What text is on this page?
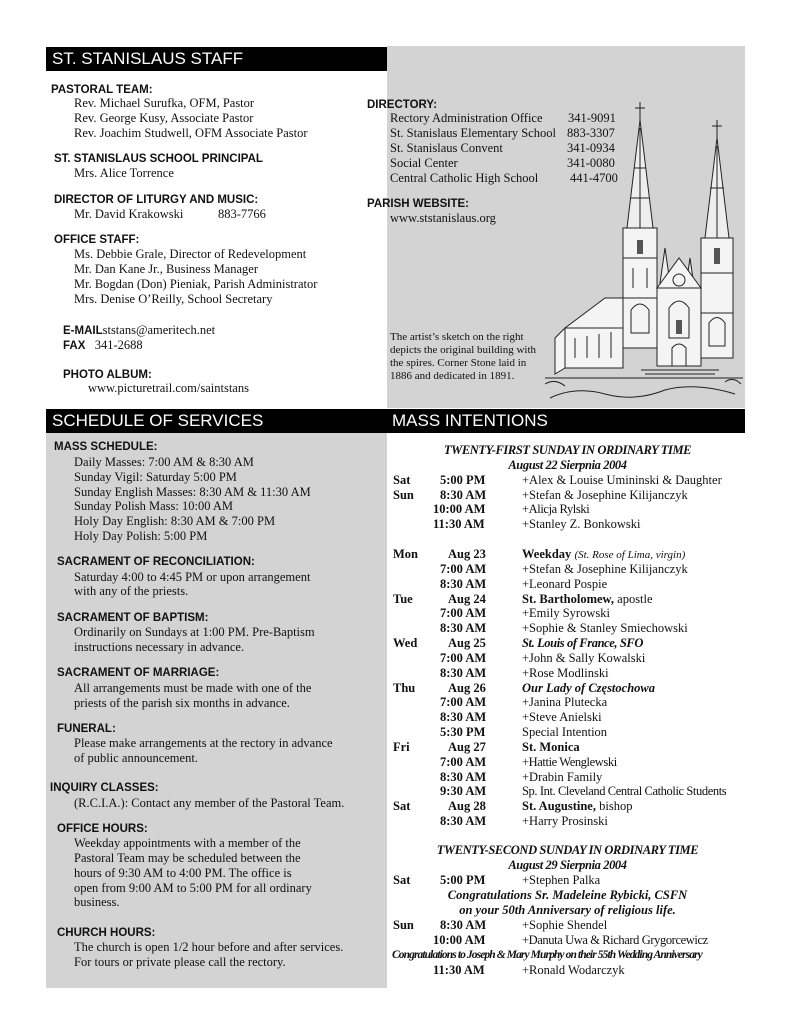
ST. STANISLAUS STAFF
PASTORAL TEAM:
Rev. Michael Surufka, OFM, Pastor
Rev. George Kusy, Associate Pastor
Rev. Joachim Studwell, OFM Associate Pastor
ST. STANISLAUS SCHOOL PRINCIPAL
Mrs. Alice Torrence
DIRECTOR OF LITURGY AND MUSIC:
Mr. David Krakowski	883-7766
OFFICE STAFF:
Ms. Debbie Grale, Director of Redevelopment
Mr. Dan Kane Jr., Business Manager
Mr. Bogdan (Don) Pieniak, Parish Administrator
Mrs. Denise O’Reilly, School Secretary
E-MAILststans@ameritech.net
FAX 341-2688
PHOTO ALBUM:
www.picturetrail.com/saintstans
DIRECTORY:
Rectory Administration Office 341-9091
St. Stanislaus Elementary School 883-3307
St. Stanislaus Convent	341-0934
Social Center	341-0080
Central Catholic High School	441-4700
PARISH WEBSITE:
www.ststanislaus.org
The artist’s sketch on the right depicts the original building with the spires. Corner Stone laid in 1886 and dedicated in 1891.
SCHEDULE OF SERVICES	MASS INTENTIONS
MASS SCHEDULE:
Daily Masses: 7:00 AM & 8:30 AM
Sunday Vigil: Saturday 5:00 PM
Sunday English Masses: 8:30 AM & 11:30 AM
Sunday Polish Mass: 10:00 AM
Holy Day English: 8:30 AM & 7:00 PM
Holy Day Polish: 5:00 PM
SACRAMENT OF RECONCILIATION:
Saturday 4:00 to 4:45 PM or upon arrangement
with any of the priests.
SACRAMENT OF BAPTISM:
Ordinarily on Sundays at 1:00 PM. Pre-Baptism
instructions necessary in advance.
SACRAMENT OF MARRIAGE:
All arrangements must be made with one of the
priests of the parish six months in advance.
FUNERAL:
Please make arrangements at the rectory in advance
of public announcement.
INQUIRY CLASSES:
(R.C.I.A.): Contact any member of the Pastoral Team.
OFFICE HOURS:
Weekday appointments with a member of the
Pastoral Team may be scheduled between the
hours of 9:30 AM to 4:00 PM. The office is
open from 9:00 AM to 5:00 PM for all ordinary
business.
CHURCH HOURS:
The church is open 1/2 hour before and after services.
For tours or private please call the rectory.
TWENTY-FIRST SUNDAY IN ORDINARY TIME
August 22 Sierpnia 2004
Sat 5:00 PM	+Alex & Louise Umininski & Daughter
Sun 8:30 AM	+Stefan & Josephine Kilijanczyk
10:00 AM	+Alicja Rylski
11:30 AM	+Stanley Z. Bonkowski
Mon Aug 23	Weekday (St. Rose of Lima, virgin)
7:00 AM	+Stefan & Josephine Kilijanczyk
8:30 AM	+Leonard Pospie
Tue	Aug 24	St. Bartholomew, apostle
7:00 AM	+Emily Syrowski
8:30 AM	+Sophie & Stanley Smiechowski
Wed Aug 25	St. Louis of France, SFO
7:00 AM	+John & Sally Kowalski
8:30 AM	+Rose Modlinski
Thu	Aug 26	Our Lady of Częstochowa
7:00 AM	+Janina Plutecka
8:30 AM	+Steve Anielski
5:30 PM	Special Intention
Fri	Aug 27	St. Monica
7:00 AM	+Hattie Wenglewski
8:30 AM	+Drabin Family
9:30 AM	Sp. Int. Cleveland Central Catholic Students
Sat	Aug 28	St. Augustine, bishop
8:30 AM	+Harry Prosinski
TWENTY-SECOND SUNDAY IN ORDINARY TIME
August 29 Sierpnia 2004
Sat 5:00 PM	+Stephen Palka
Congratulations Sr. Madeleine Rybicki, CSFN
on your 50th Anniversary of religious life.
Sun 8:30 AM	+Sophie Shendel
10:00 AM	+Danuta Uwa & Richard Grygorcewicz
Congratulations to Joseph & Mary Murphy on their 55th Wedding Anniversary
11:30 AM	+Ronald Wodarczyk
